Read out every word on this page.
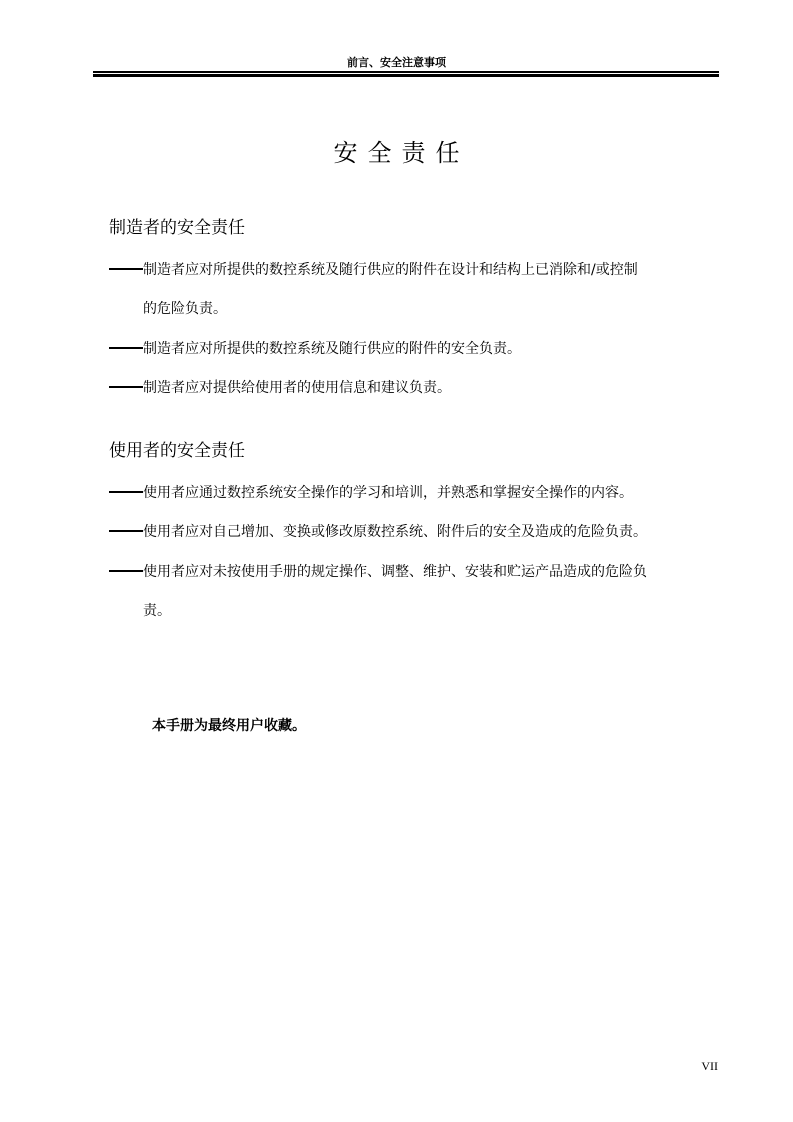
前言、安全注意事项
安全责任
制造者的安全责任
制造者应对所提供的数控系统及随行供应的附件在设计和结构上已消除和/或控制
的危险负责。
制造者应对所提供的数控系统及随行供应的附件的安全负责。
制造者应对提供给使用者的使用信息和建议负责。
使用者的安全责任
使用者应通过数控系统安全操作的学习和培训，并熟悉和掌握安全操作的内容。
使用者应对自己增加、变换或修改原数控系统、附件后的安全及造成的危险负责。
使用者应对未按使用手册的规定操作、调整、维护、安装和贮运产品造成的危险负
责。
本手册为最终用户收藏。
VII
